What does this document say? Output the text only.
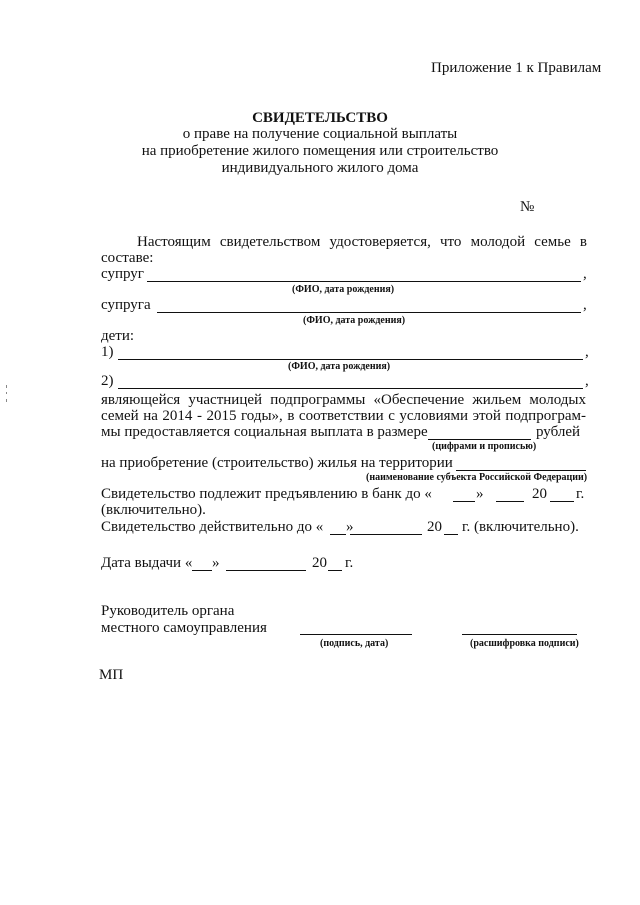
Приложение 1 к Правилам
СВИДЕТЕЛЬСТВО
о праве на получение социальной выплаты
на приобретение жилого помещения или строительство
индивидуального жилого дома
№
Настоящим свидетельством удостоверяется, что молодой семье в
составе:
супруг	,
(ФИО, дата рождения)
супруга	,
(ФИО, дата рождения)
дети:
1)	,
(ФИО, дата рождения)
2)	,
являющейся участницей подпрограммы «Обеспечение жильем молодых
семей на 2014 - 2015 годы», в соответствии с условиями этой подпрограм-
мы предоставляется социальная выплата в размере	рублей
(цифрами и прописью)
на приобретение (строительство) жилья на территории
(наименование субъекта Российской Федерации)
Свидетельство подлежит предъявлению в банк до «	»	20 г.
(включительно).
Свидетельство действительно до « »	20 г. (включительно).
Дата выдачи « »	20 г.
Руководитель органа
местного самоуправления
(подпись, дата)	(расшифровка подписи)
МП
